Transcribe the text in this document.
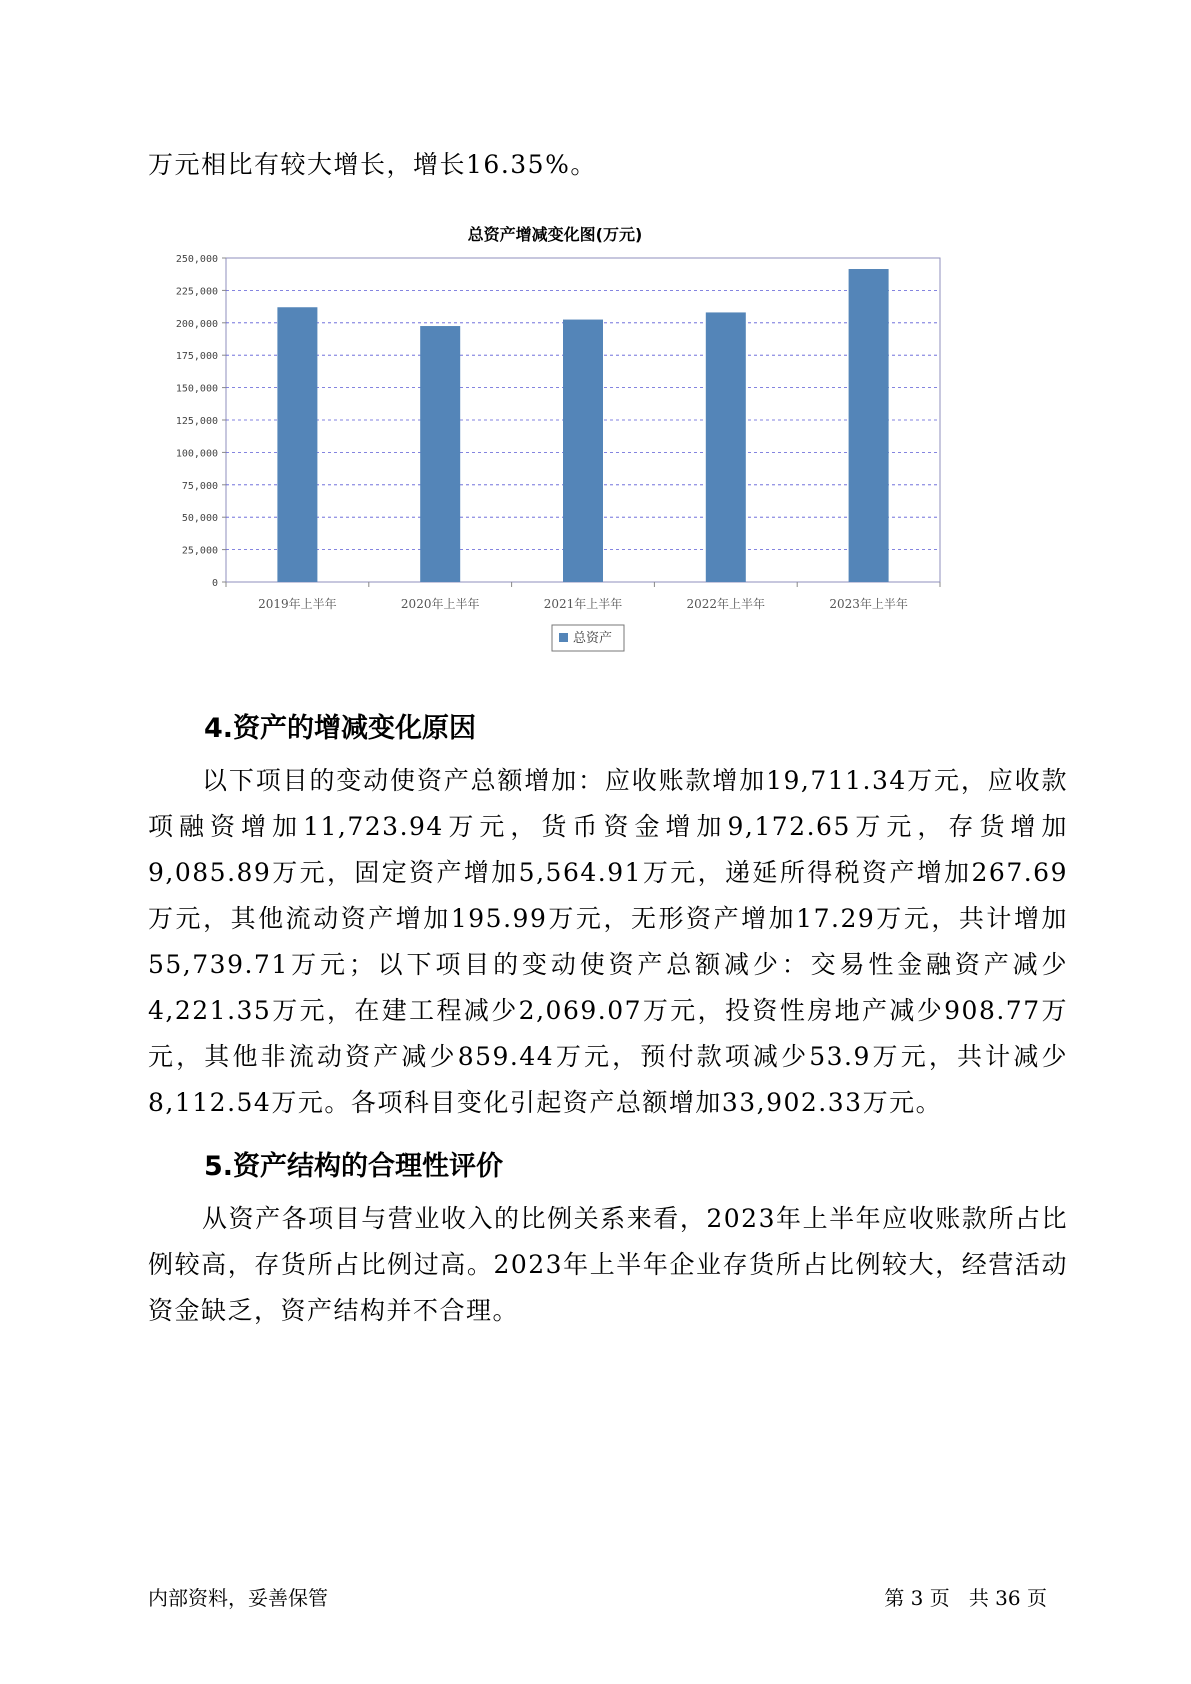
万元相比有较大增长，增长16.35%。

总资产增减变化图(万元)
0
25,000
50,000
75,000
100,000
125,000
150,000
175,000
200,000
225,000
250,000
2019年上半年	2020年上半年	2021年上半年	2022年上半年	2023年上半年
总资产
4.资产的增减变化原因

以下项目的变动使资产总额增加：应收账款增加19,711.34万元，应收款项融资增加11,723.94万元，货币资金增加9,172.65万元，存货增加9,085.89万元，固定资产增加5,564.91万元，递延所得税资产增加267.69万元，其他流动资产增加195.99万元，无形资产增加17.29万元，共计增加55,739.71万元；以下项目的变动使资产总额减少：交易性金融资产减少4,221.35万元，在建工程减少2,069.07万元，投资性房地产减少908.77万元，其他非流动资产减少859.44万元，预付款项减少53.9万元，共计减少8,112.54万元。各项科目变化引起资产总额增加33,902.33万元。

5.资产结构的合理性评价

从资产各项目与营业收入的比例关系来看，2023年上半年应收账款所占比例较高，存货所占比例过高。2023年上半年企业存货所占比例较大，经营活动资金缺乏，资产结构并不合理。

内部资料，妥善保管	第 3 页   共 36 页
